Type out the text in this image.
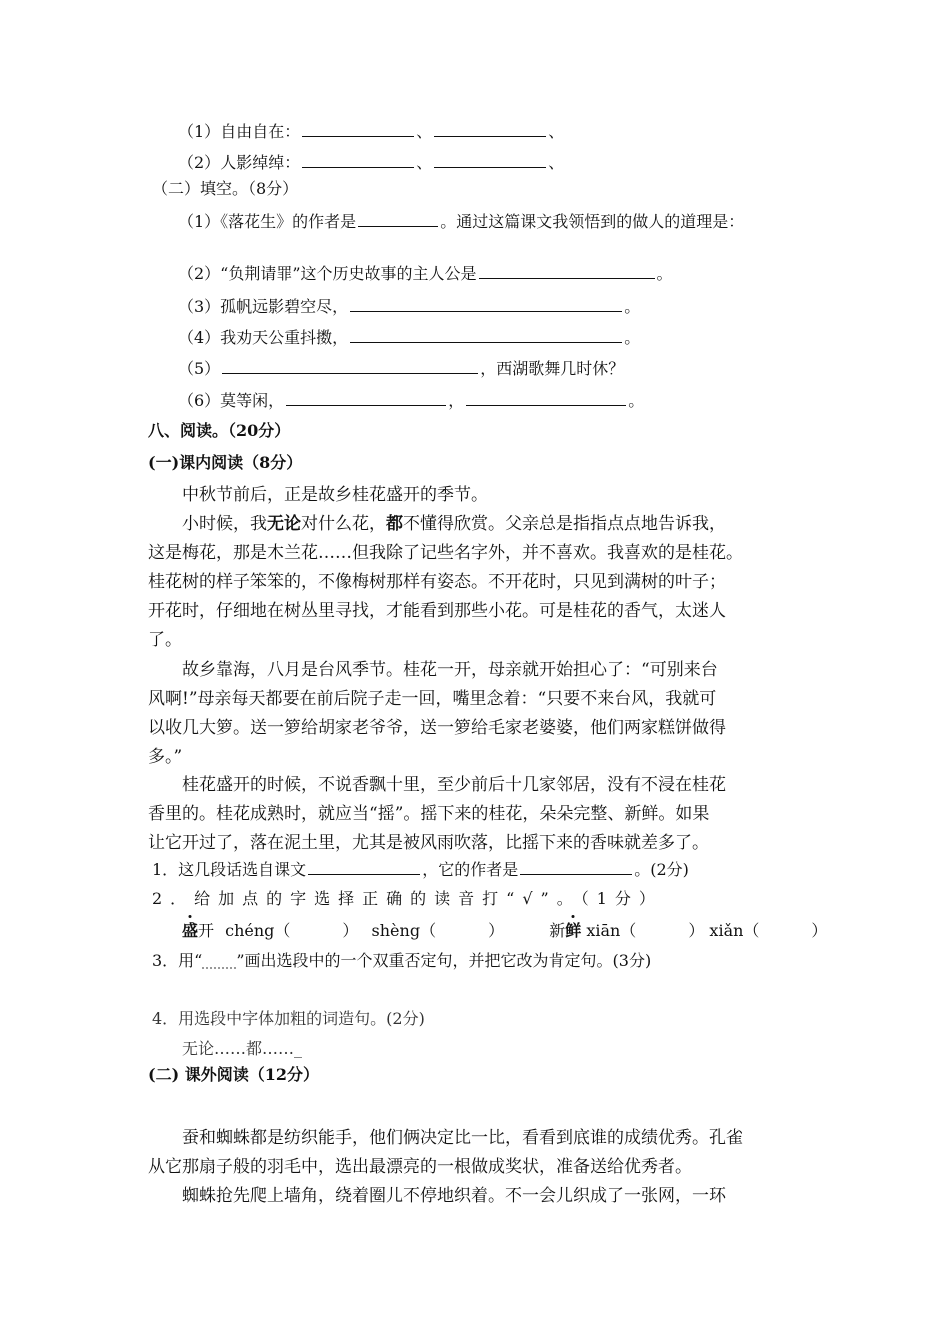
（1）自由自在：	、	、
（2）人影绰绰：	、	、
（二）填空。（8分）
（1）《落花生》的作者是	。通过这篇课文我领悟到的做人的道理是：
（2）“负荆请罪”这个历史故事的主人公是	。
（3）孤帆远影碧空尽，	。
（4）我劝天公重抖擞，	。
（5）	，西湖歌舞几时休？
（6）莫等闲，	，	。
八、阅读。（20分）
(一)课内阅读（8分）
中秋节前后，正是故乡桂花盛开的季节。
小时候，我无论对什么花，都不懂得欣赏。父亲总是指指点点地告诉我，
这是梅花，那是木兰花……但我除了记些名字外，并不喜欢。我喜欢的是桂花。
桂花树的样子笨笨的，不像梅树那样有姿态。不开花时，只见到满树的叶子；
开花时，仔细地在树丛里寻找，才能看到那些小花。可是桂花的香气，太迷人
了。
故乡靠海，八月是台风季节。桂花一开，母亲就开始担心了：“可别来台
风啊!”母亲每天都要在前后院子走一回，嘴里念着：“只要不来台风，我就可
以收几大箩。送一箩给胡家老爷爷，送一箩给毛家老婆婆，他们两家糕饼做得
多。”
桂花盛开的时候，不说香飘十里，至少前后十几家邻居，没有不浸在桂花
香里的。桂花成熟时，就应当“摇”。摇下来的桂花，朵朵完整、新鲜。如果
让它开过了，落在泥土里，尤其是被风雨吹落，比摇下来的香味就差多了。
1．这几段话选自课文	，它的作者是	。(2分)
2．给加点的字选择正确的读音打“√”。（1分）
盛开 chéng（	） shèng（	）	新鲜 xiān（	） xiǎn（	）
3．用“ ”画出选段中的一个双重否定句，并把它改为肯定句。(3分)
4．用选段中字体加粗的词造句。(2分)
无论……都……_
(二) 课外阅读（12分）
蚕和蜘蛛都是纺织能手，他们俩决定比一比，看看到底谁的成绩优秀。孔雀
从它那扇子般的羽毛中，选出最漂亮的一根做成奖状，准备送给优秀者。
蜘蛛抢先爬上墙角，绕着圈儿不停地织着。不一会儿织成了一张网，一环
